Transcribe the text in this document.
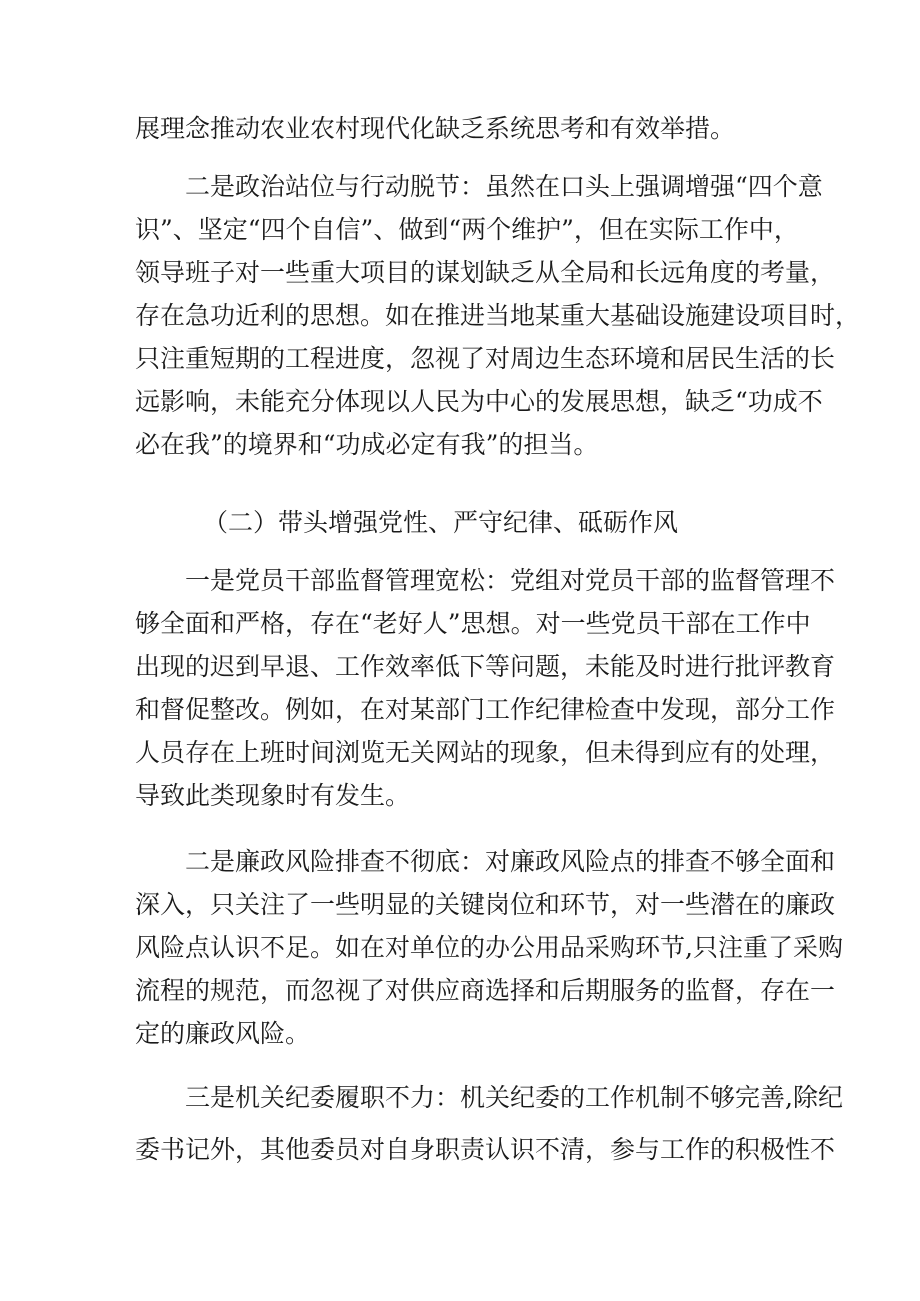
展理念推动农业农村现代化缺乏系统思考和有效举措。
二是政治站位与行动脱节：虽然在口头上强调增强“四个意
识”、坚定“四个自信”、做到“两个维护”，但在实际工作中，
领导班子对一些重大项目的谋划缺乏从全局和长远角度的考量，
存在急功近利的思想。如在推进当地某重大基础设施建设项目时，
只注重短期的工程进度，忽视了对周边生态环境和居民生活的长
远影响，未能充分体现以人民为中心的发展思想，缺乏“功成不
必在我”的境界和“功成必定有我”的担当。
（二）带头增强党性、严守纪律、砥砺作风
一是党员干部监督管理宽松：党组对党员干部的监督管理不
够全面和严格，存在“老好人”思想。对一些党员干部在工作中
出现的迟到早退、工作效率低下等问题，未能及时进行批评教育
和督促整改。例如，在对某部门工作纪律检查中发现，部分工作
人员存在上班时间浏览无关网站的现象，但未得到应有的处理，
导致此类现象时有发生。
二是廉政风险排查不彻底：对廉政风险点的排查不够全面和
深入，只关注了一些明显的关键岗位和环节，对一些潜在的廉政
风险点认识不足。如在对单位的办公用品采购环节,只注重了采购
流程的规范，而忽视了对供应商选择和后期服务的监督，存在一
定的廉政风险。
三是机关纪委履职不力：机关纪委的工作机制不够完善,除纪
委书记外，其他委员对自身职责认识不清，参与工作的积极性不
